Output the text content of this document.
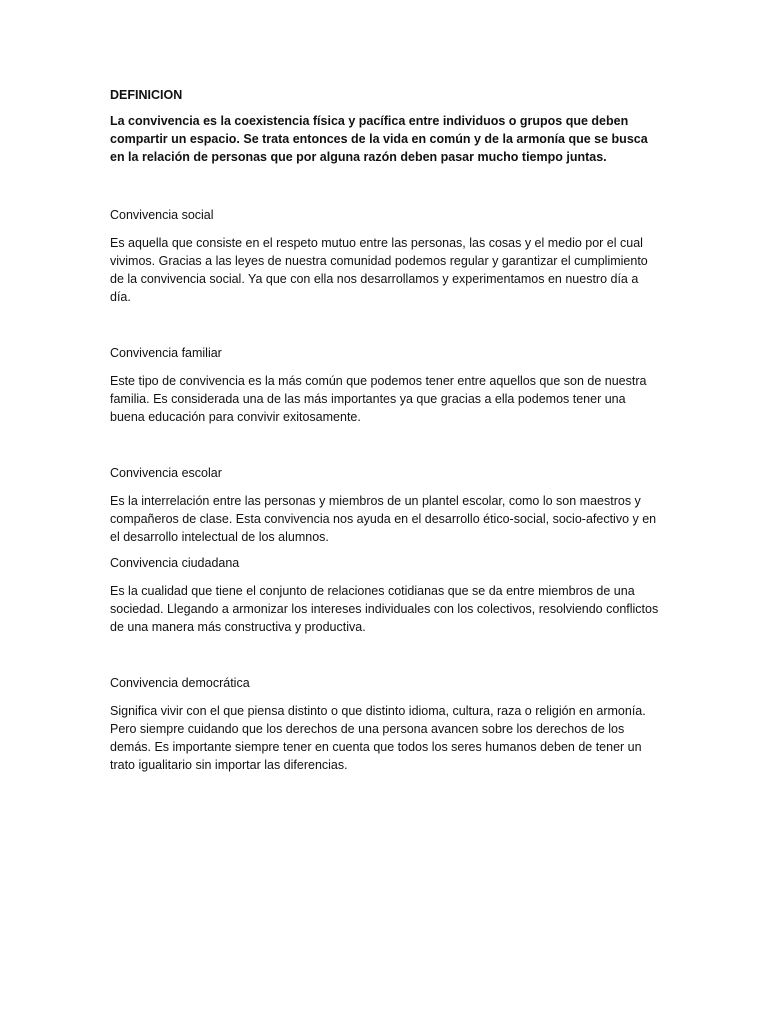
DEFINICION
La convivencia es la coexistencia física y pacífica entre individuos o grupos que deben compartir un espacio. Se trata entonces de la vida en común y de la armonía que se busca en la relación de personas que por alguna razón deben pasar mucho tiempo juntas.
Convivencia social
Es aquella que consiste en el respeto mutuo entre las personas, las cosas y el medio por el cual vivimos. Gracias a las leyes de nuestra comunidad podemos regular y garantizar el cumplimiento de la convivencia social. Ya que con ella nos desarrollamos y experimentamos en nuestro día a día.
Convivencia familiar
Este tipo de convivencia es la más común que podemos tener entre aquellos que son de nuestra familia. Es considerada una de las más importantes ya que gracias a ella podemos tener una buena educación para convivir exitosamente.
Convivencia escolar
Es la interrelación entre las personas y miembros de un plantel escolar, como lo son maestros y compañeros de clase. Esta convivencia nos ayuda en el desarrollo ético-social, socio-afectivo y en el desarrollo intelectual de los alumnos.
Convivencia ciudadana
Es la cualidad que tiene el conjunto de relaciones cotidianas que se da entre miembros de una sociedad. Llegando a armonizar los intereses individuales con los colectivos, resolviendo conflictos de una manera más constructiva y productiva.
Convivencia democrática
Significa vivir con el que piensa distinto o que distinto idioma, cultura, raza o religión en armonía. Pero siempre cuidando que los derechos de una persona avancen sobre los derechos de los demás. Es importante siempre tener en cuenta que todos los seres humanos deben de tener un trato igualitario sin importar las diferencias.
